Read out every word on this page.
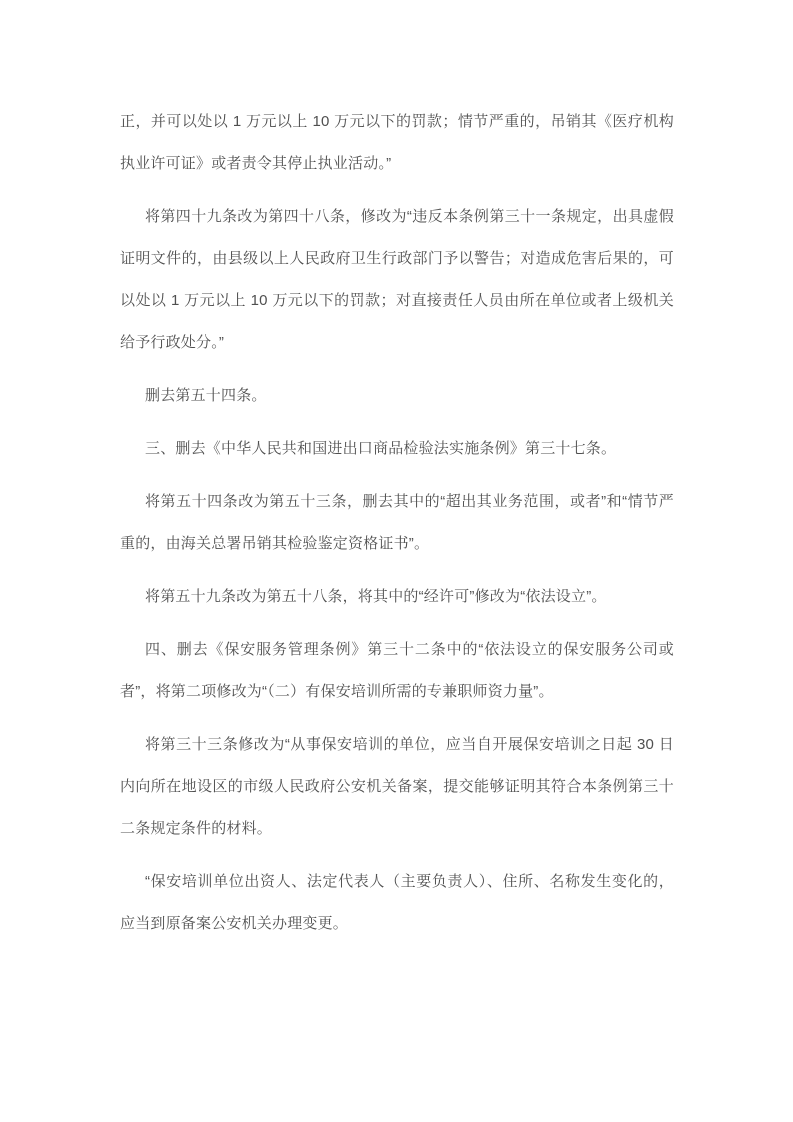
正，并可以处以 1 万元以上 10 万元以下的罚款；情节严重的，吊销其《医疗机构执业许可证》或者责令其停止执业活动。”

将第四十九条改为第四十八条，修改为“违反本条例第三十一条规定，出具虚假证明文件的，由县级以上人民政府卫生行政部门予以警告；对造成危害后果的，可以处以 1 万元以上 10 万元以下的罚款；对直接责任人员由所在单位或者上级机关给予行政处分。”

删去第五十四条。

三、删去《中华人民共和国进出口商品检验法实施条例》第三十七条。

将第五十四条改为第五十三条，删去其中的“超出其业务范围，或者”和“情节严重的，由海关总署吊销其检验鉴定资格证书”。

将第五十九条改为第五十八条，将其中的“经许可”修改为“依法设立”。

四、删去《保安服务管理条例》第三十二条中的“依法设立的保安服务公司或者”，将第二项修改为“（二）有保安培训所需的专兼职师资力量”。

将第三十三条修改为“从事保安培训的单位，应当自开展保安培训之日起 30 日内向所在地设区的市级人民政府公安机关备案，提交能够证明其符合本条例第三十二条规定条件的材料。

“保安培训单位出资人、法定代表人（主要负责人）、住所、名称发生变化的，应当到原备案公安机关办理变更。
